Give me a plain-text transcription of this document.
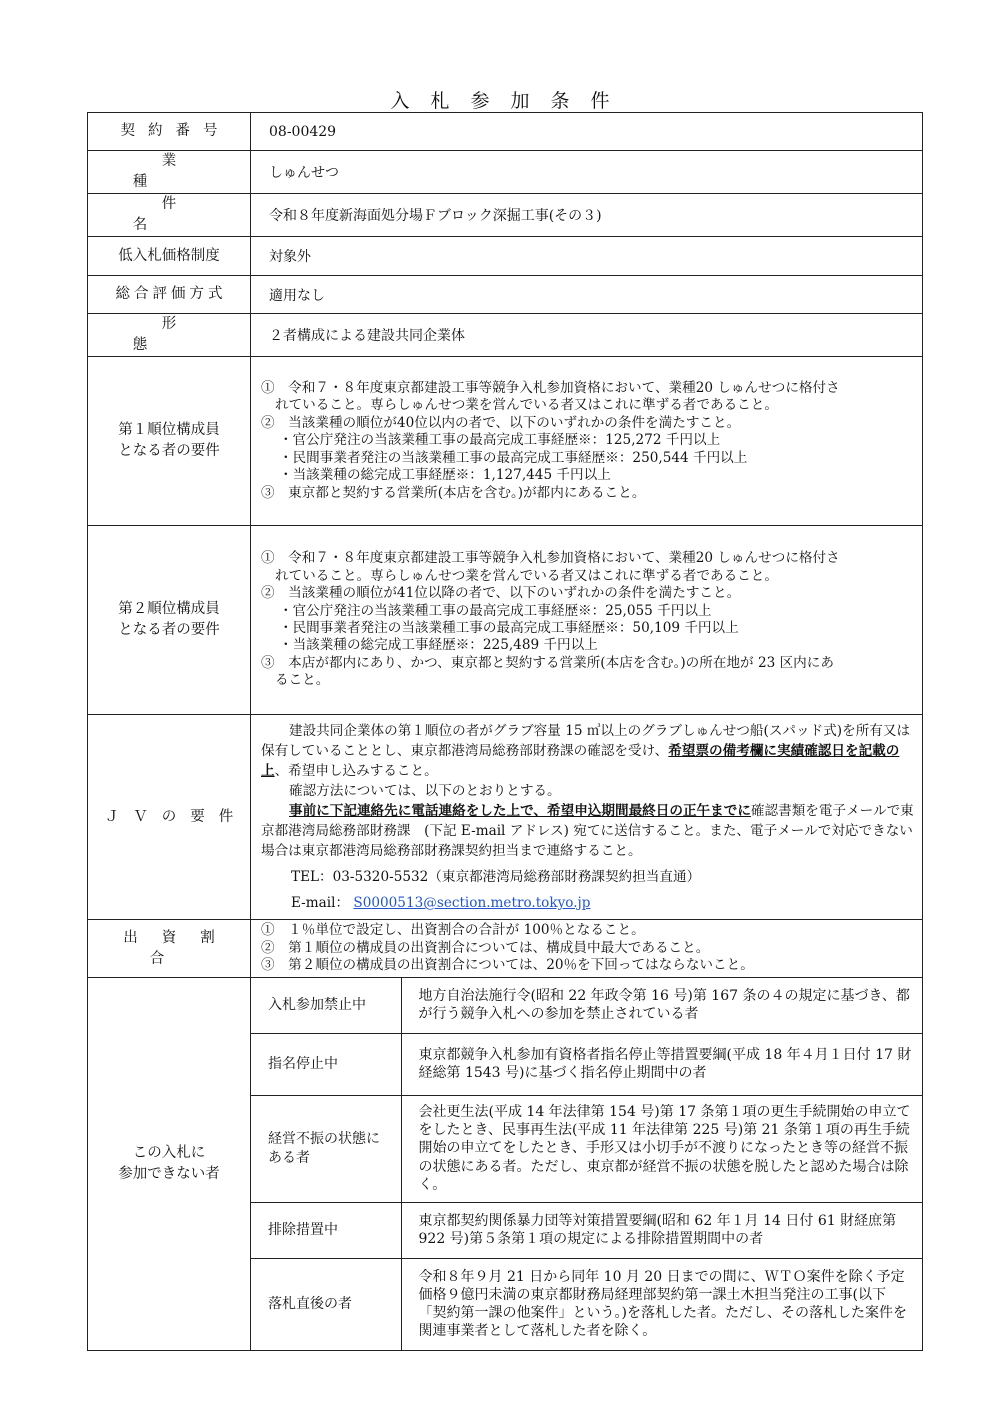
入札参加条件
契約番号	08-00429
業種	しゅんせつ
件名	令和８年度新海面処分場Ｆブロック深掘工事(その３)
低入札価格制度	対象外
総合評価方式	適用なし
形態	２者構成による建設共同企業体

第１順位構成員
となる者の要件

①　令和７・８年度東京都建設工事等競争入札参加資格において、業種20 しゅんせつに格付さ
れていること。専らしゅんせつ業を営んでいる者又はこれに準ずる者であること。
②　当該業種の順位が40位以内の者で、以下のいずれかの条件を満たすこと。
・官公庁発注の当該業種工事の最高完成工事経歴※：125,272 千円以上
・民間事業者発注の当該業種工事の最高完成工事経歴※：250,544 千円以上
・当該業種の総完成工事経歴※：1,127,445 千円以上
③　東京都と契約する営業所(本店を含む。)が都内にあること。

第２順位構成員
となる者の要件

①　令和７・８年度東京都建設工事等競争入札参加資格において、業種20 しゅんせつに格付さ
れていること。専らしゅんせつ業を営んでいる者又はこれに準ずる者であること。
②　当該業種の順位が41位以降の者で、以下のいずれかの条件を満たすこと。
・官公庁発注の当該業種工事の最高完成工事経歴※：25,055 千円以上
・民間事業者発注の当該業種工事の最高完成工事経歴※：50,109 千円以上
・当該業種の総完成工事経歴※：225,489 千円以上
③　本店が都内にあり、かつ、東京都と契約する営業所(本店を含む。)の所在地が 23 区内にあ
ること。

ＪＶの要件	

建設共同企業体の第１順位の者がグラブ容量 15 ㎥以上のグラブしゅんせつ船(スパッド式)を所有又は保有していることとし、東京都港湾局総務部財務課の確認を受け、希望票の備考欄に実績確認日を記載の上、希望申し込みすること。

確認方法については、以下のとおりとする。

事前に下記連絡先に電話連絡をした上で、希望申込期間最終日の正午までに確認書類を電子メールで東京都港湾局総務部財務課　(下記 E-mail アドレス) 宛てに送信すること。また、電子メールで対応できない場合は東京都港湾局総務部財務課契約担当まで連絡すること。

TEL：03-5320-5532（東京都港湾局総務部財務課契約担当直通）

E-mail： S0000513@section.metro.tokyo.jp

出資割合	
①　１％単位で設定し、出資割合の合計が 100％となること。
②　第１順位の構成員の出資割合については、構成員中最大であること。
③　第２順位の構成員の出資割合については、20％を下回ってはならないこと。

この入札に
参加できない者

入札参加禁止中	地方自治法施行令(昭和 22 年政令第 16 号)第 167 条の４の規定に基づき、都が行う競争入札への参加を禁止されている者
指名停止中	東京都競争入札参加有資格者指名停止等措置要綱(平成 18 年４月１日付 17 財経総第 1543 号)に基づく指名停止期間中の者
経営不振の状態にある者	会社更生法(平成 14 年法律第 154 号)第 17 条第１項の更生手続開始の申立てをしたとき、民事再生法(平成 11 年法律第 225 号)第 21 条第１項の再生手続開始の申立てをしたとき、手形又は小切手が不渡りになったとき等の経営不振の状態にある者。ただし、東京都が経営不振の状態を脱したと認めた場合は除く。
排除措置中	東京都契約関係暴力団等対策措置要綱(昭和 62 年１月 14 日付 61 財経庶第 922 号)第５条第１項の規定による排除措置期間中の者
落札直後の者	令和８年９月 21 日から同年 10 月 20 日までの間に、ＷＴＯ案件を除く予定価格９億円未満の東京都財務局経理部契約第一課土木担当発注の工事(以下「契約第一課の他案件」という。)を落札した者。ただし、その落札した案件を関連事業者として落札した者を除く。
